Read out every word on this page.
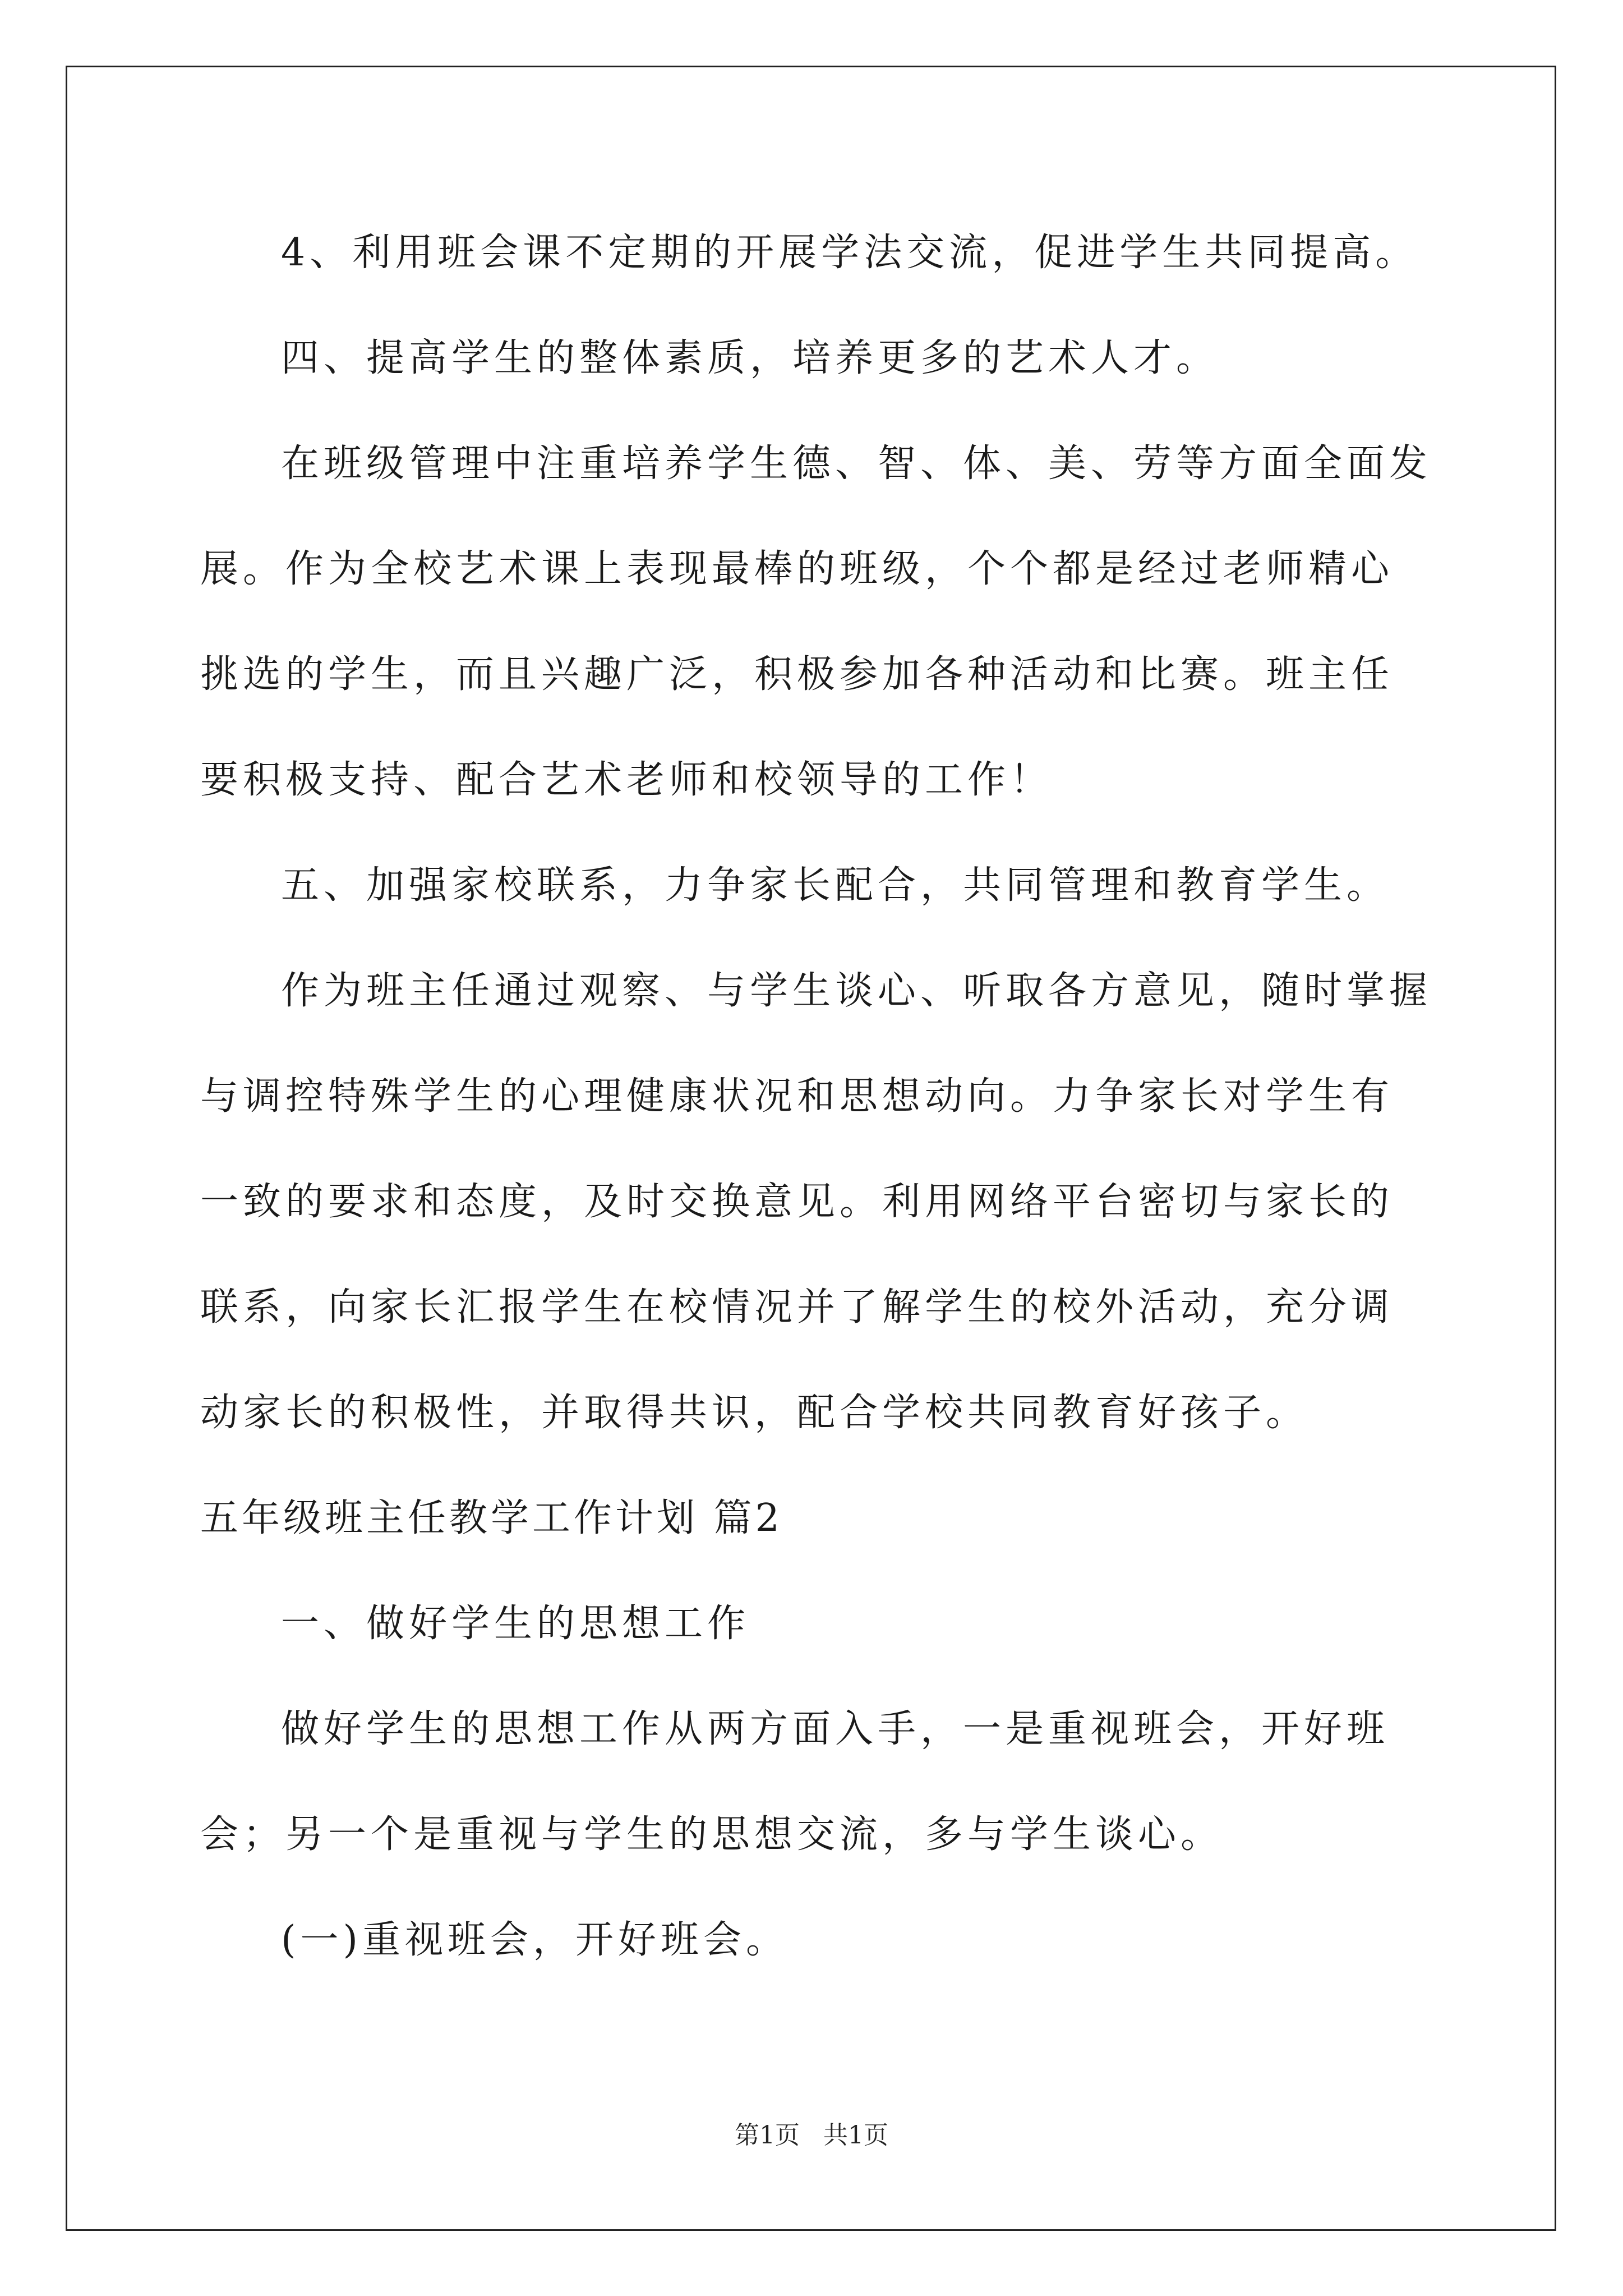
4、利用班会课不定期的开展学法交流，促进学生共同提高。

四、提高学生的整体素质，培养更多的艺术人才。

在班级管理中注重培养学生德、智、体、美、劳等方面全面发展。作为全校艺术课上表现最棒的班级，个个都是经过老师精心挑选的学生，而且兴趣广泛，积极参加各种活动和比赛。班主任要积极支持、配合艺术老师和校领导的工作！

五、加强家校联系，力争家长配合，共同管理和教育学生。

作为班主任通过观察、与学生谈心、听取各方意见，随时掌握与调控特殊学生的心理健康状况和思想动向。力争家长对学生有一致的要求和态度，及时交换意见。利用网络平台密切与家长的联系，向家长汇报学生在校情况并了解学生的校外活动，充分调动家长的积极性，并取得共识，配合学校共同教育好孩子。

五年级班主任教学工作计划 篇2

一、做好学生的思想工作

做好学生的思想工作从两方面入手，一是重视班会，开好班会；另一个是重视与学生的思想交流，多与学生谈心。

(一)重视班会，开好班会。

第1页 共1页
